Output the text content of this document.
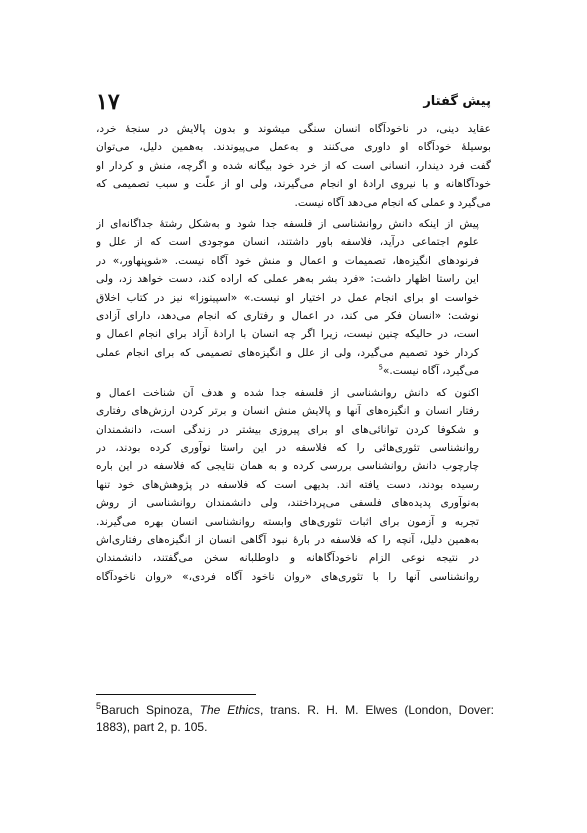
۱۷	پیش گفتار

عقاید دینی، در ناخودآگاه انسان سنگی میشوند و بدون پالایش در سنجهٔ خرد،
بوسیلهٔ خودآگاه او داوری می‌کنند و به‌عمل می‌پیوندند. به‌همین دلیل، می‌توان
گفت فرد دیندار، انسانی است که از خرد خود بیگانه شده و اگرچه، منش و کردار او
خودآگاهانه و با نیروی ارادهٔ او انجام می‌گیرند، ولی او از علّت و سبب تصمیمی که
می‌گیرد و عملی که انجام می‌دهد آگاه نیست.

پیش از اینکه دانش روانشناسی از فلسفه جدا شود و به‌شکل رشتهٔ جداگانه‌ای از
علوم اجتماعی درآید، فلاسفه باور داشتند، انسان موجودی است که از علل و
فرنودهای انگیزه‌ها، تصمیمات و اعمال و منش خود آگاه نیست. «شوپنهاور،» در
این راستا اظهار داشت: «فرد بشر به‌هر عملی که اراده کند، دست خواهد زد، ولی
خواست او برای انجام عمل در اختیار او نیست.» «اسپینوزا» نیز در کتاب اخلاق
نوشت: «انسان فکر می کند، در اعمال و رفتاری که انجام می‌دهد، دارای آزادی
است، در حالیکه چنین نیست، زیرا اگر چه انسان با ارادهٔ آزاد برای انجام اعمال و
کردار خود تصمیم می‌گیرد، ولی از علل و انگیزه‌های تصمیمی که برای انجام عملی
می‌گیرد، آگاه نیست.»$^5$

اکنون که دانش روانشناسی از فلسفه جدا شده و هدف آن شناخت اعمال و
رفتار انسان و انگیزه‌های آنها و پالایش منش انسان و برتر کردن ارزش‌های رفتاری
و شکوفا کردن توانائی‌های او برای پیروزی بیشتر در زندگی است، دانشمندان
روانشناسی تئوری‌هائی را که فلاسفه در این راستا نوآوری کرده بودند، در
چارچوب دانش روانشناسی بررسی کرده و به همان نتایجی که فلاسفه در این باره
رسیده بودند، دست یافته اند. بدیهی است که فلاسفه در پژوهش‌های خود تنها
به‌نوآوری پدیده‌های فلسفی می‌پرداختند، ولی دانشمندان روانشناسی از روش
تجربه و آزمون برای اثبات تئوری‌های وابسته روانشناسی انسان بهره می‌گیرند.
به‌همین دلیل، آنچه را که فلاسفه در بارهٔ نبود آگاهی انسان از انگیزه‌های رفتاری‌اش
در نتیجه نوعی الزام ناخودآگاهانه و داوطلبانه سخن می‌گفتند، دانشمندان
روانشناسی آنها را با تئوری‌های «روان ناخود آگاه فردی،» «روان ناخودآگاه

$^5$Baruch Spinoza, The Ethics, trans. R. H. M. Elwes (London, Dover: 1883), part 2, p. 105.
